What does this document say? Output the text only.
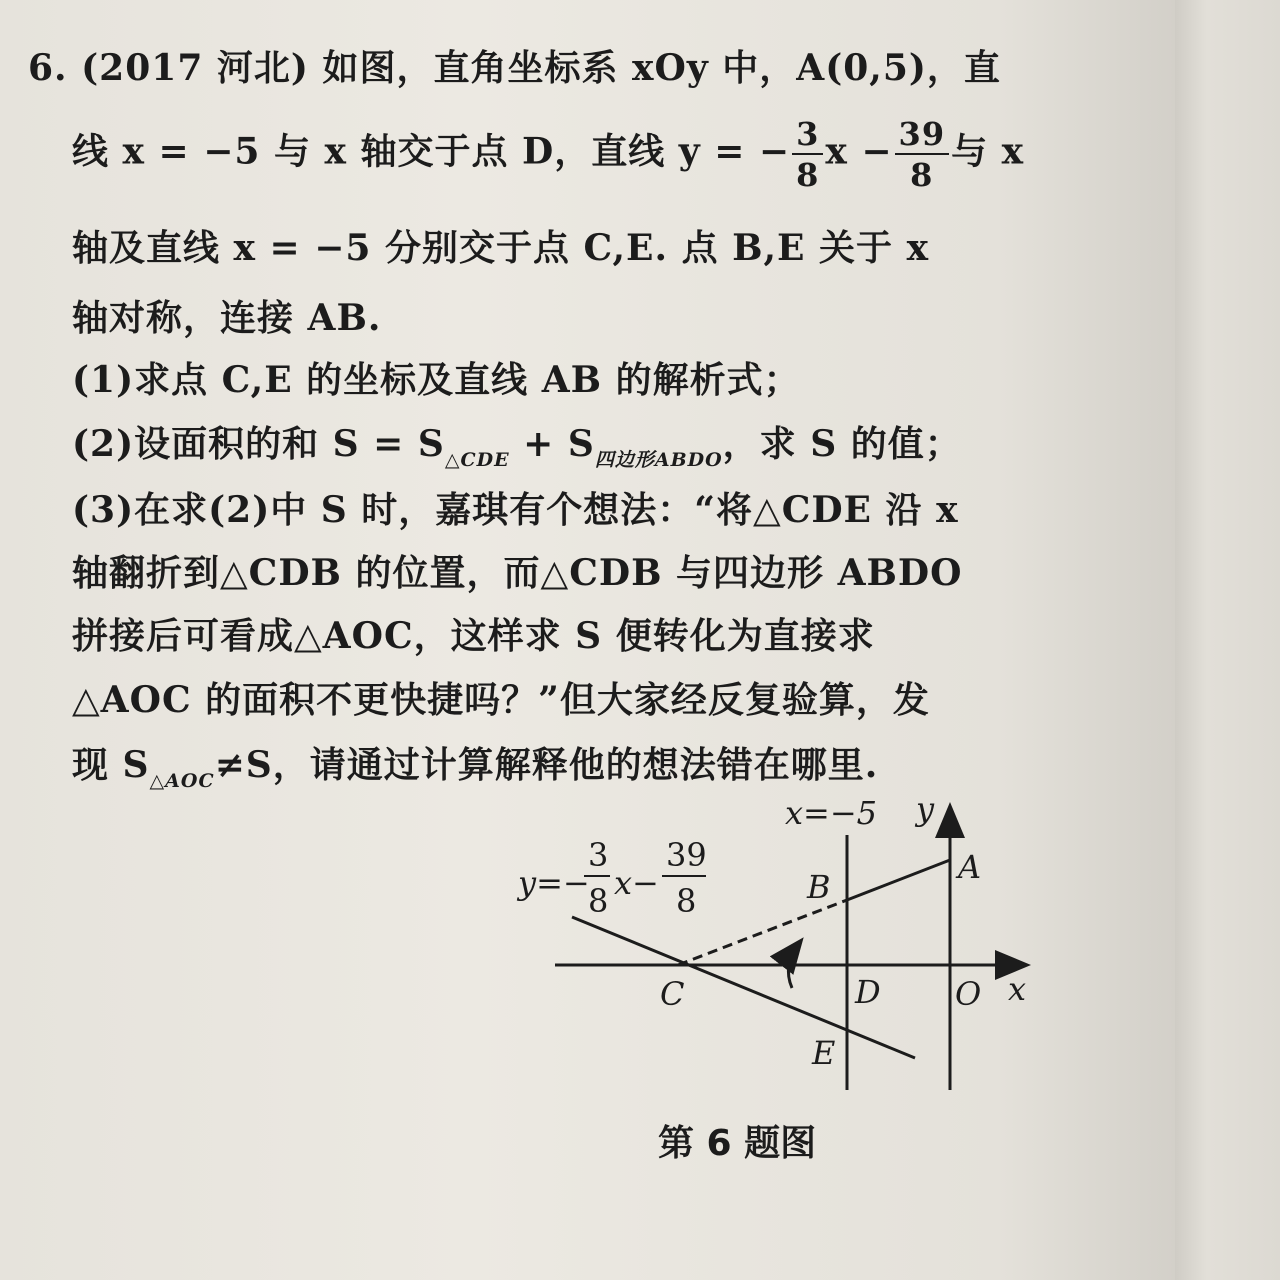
6. (2017 河北) 如图，直角坐标系 xOy 中，A(0,5)，直
线 x = −5 与 x 轴交于点 D，直线 y = − $\frac{3}{8}$ $x - \frac{39}{8}$ 与 x
轴及直线 x = −5 分别交于点 C,E. 点 B,E 关于 x
轴对称，连接 AB.
(1)求点 C,E 的坐标及直线 AB 的解析式；
(2)设面积的和 $S = S_{\triangle CDE} + S_{四边形ABDO}$，求 S 的值；
(3)在求(2)中 S 时，嘉琪有个想法：“将△CDE 沿 x
轴翻折到△CDB 的位置，而△CDB 与四边形 ABDO
拼接后可看成△AOC，这样求 S 便转化为直接求
△AOC 的面积不更快捷吗？”但大家经反复验算，发
现 $S_{\triangle AOC}\ne S$，请通过计算解释他的想法错在哪里.
x=−5 y
x
A
B
C	D O
E
y=−
3
8 x−
39
8
第 6 题图
